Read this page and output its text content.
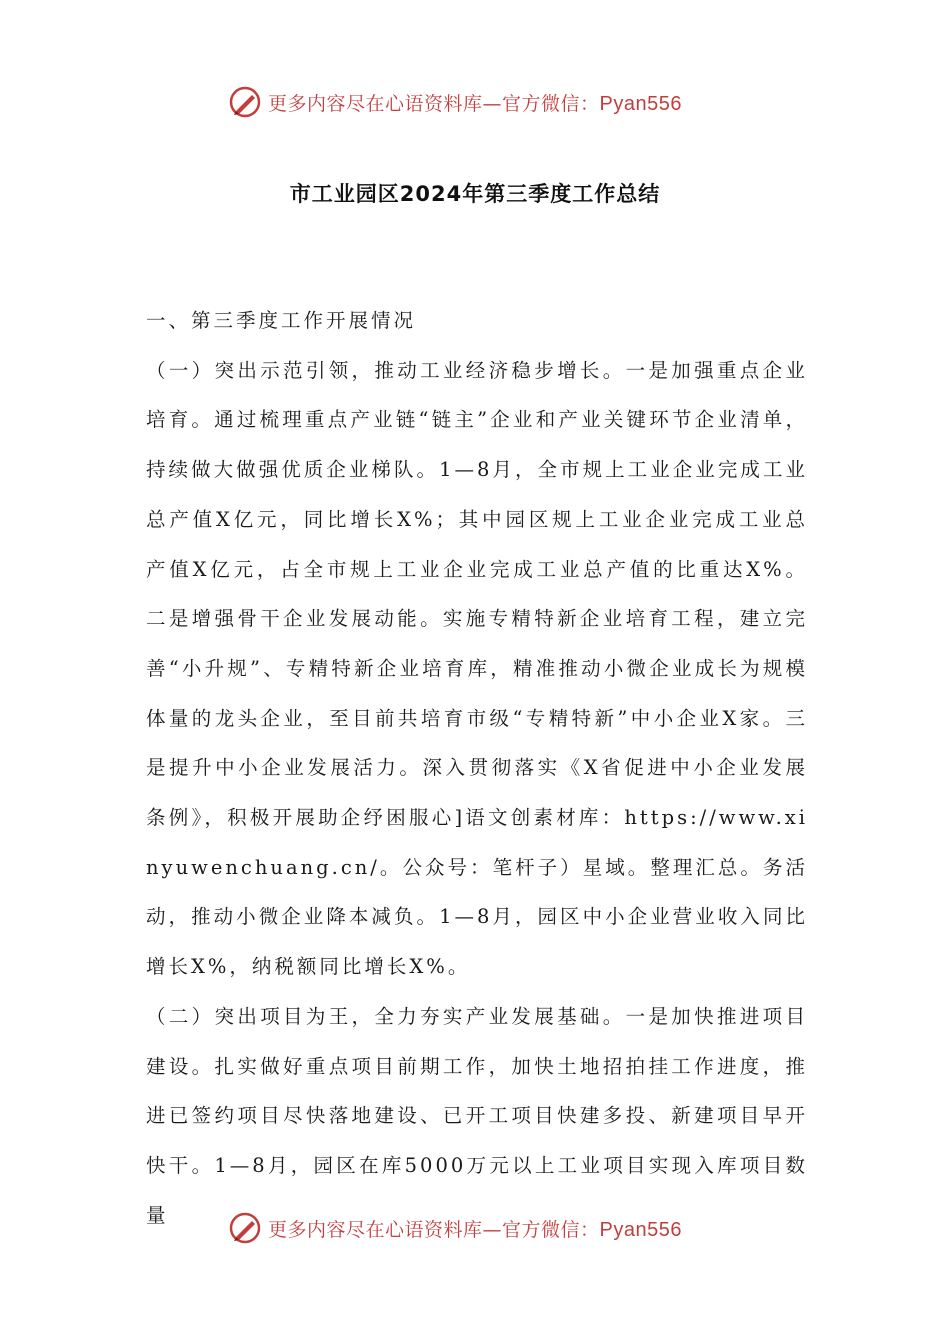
更多内容尽在心语资料库—官方微信：Pyan556
市工业园区2024年第三季度工作总结

一、第三季度工作开展情况

（一）突出示范引领，推动工业经济稳步增长。一是加强重点企业培育。通过梳理重点产业链“链主”企业和产业关键环节企业清单，持续做大做强优质企业梯队。1—8月，全市规上工业企业完成工业总产值X亿元，同比增长X%；其中园区规上工业企业完成工业总产值X亿元，占全市规上工业企业完成工业总产值的比重达X%。二是增强骨干企业发展动能。实施专精特新企业培育工程，建立完善“小升规”、专精特新企业培育库，精准推动小微企业成长为规模体量的龙头企业，至目前共培育市级“专精特新”中小企业X家。三是提升中小企业发展活力。深入贯彻落实《X省促进中小企业发展条例》，积极开展助企纾困服心]语文创素材库：https://www.xinyuwenchuang.cn/。公众号：笔杆子）星域。整理汇总。务活动，推动小微企业降本减负。1—8月，园区中小企业营业收入同比增长X%，纳税额同比增长X%。

（二）突出项目为王，全力夯实产业发展基础。一是加快推进项目建设。扎实做好重点项目前期工作，加快土地招拍挂工作进度，推进已签约项目尽快落地建设、已开工项目快建多投、新建项目早开快干。1—8月，园区在库5000万元以上工业项目实现入库项目数量

更多内容尽在心语资料库—官方微信：Pyan556
